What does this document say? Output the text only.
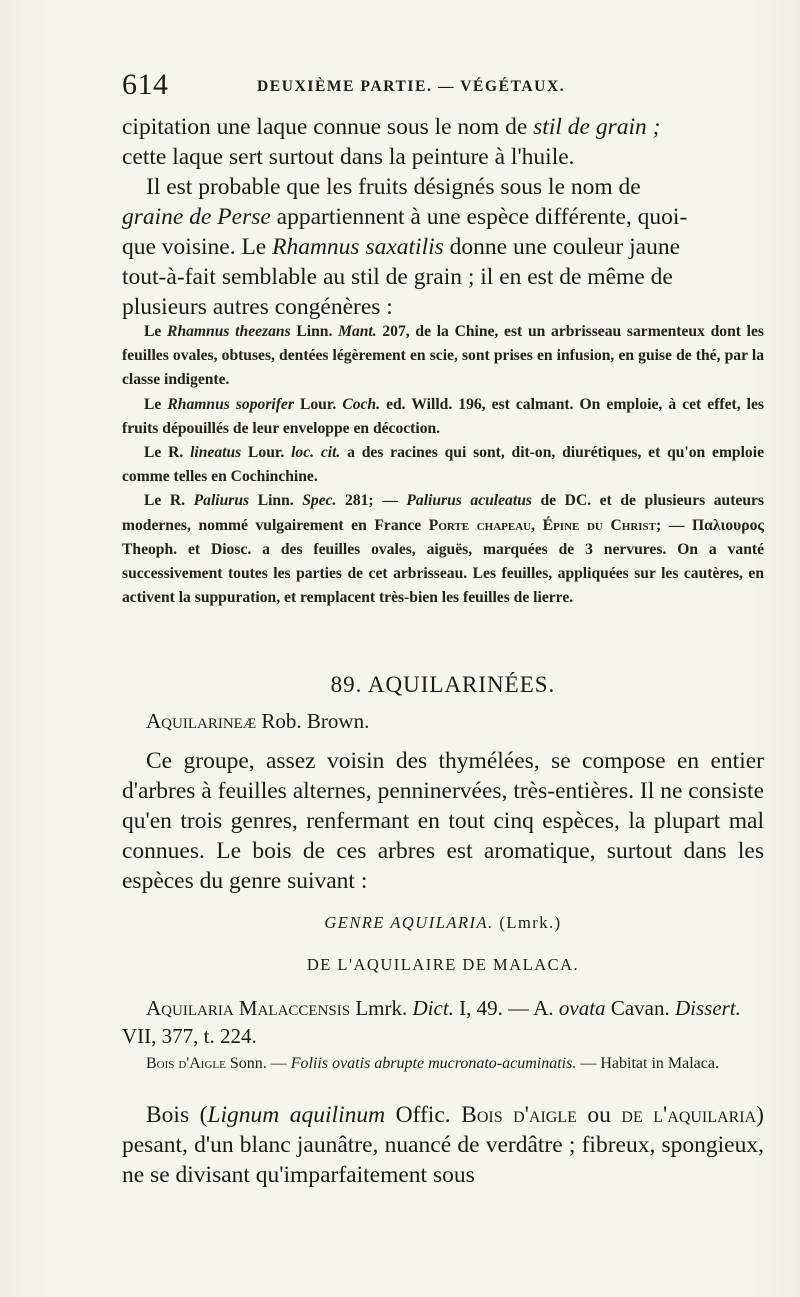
614	DEUXIÈME PARTIE. — VÉGÉTAUX.
cipitation une laque connue sous le nom de stil de grain ;
cette laque sert surtout dans la peinture à l'huile.
Il est probable que les fruits désignés sous le nom de
graine de Perse appartiennent à une espèce différente, quoi-
que voisine. Le Rhamnus saxatilis donne une couleur jaune
tout-à-fait semblable au stil de grain ; il en est de même de
plusieurs autres congénères :

Le Rhamnus theezans Linn. Mant. 207, de la Chine, est un arbrisseau sarmenteux dont les feuilles ovales, obtuses, dentées légèrement en scie, sont prises en infusion, en guise de thé, par la classe indigente.

Le Rhamnus soporifer Lour. Coch. ed. Willd. 196, est calmant. On emploie, à cet effet, les fruits dépouillés de leur enveloppe en décoction.

Le R. lineatus Lour. loc. cit. a des racines qui sont, dit-on, diurétiques, et qu'on emploie comme telles en Cochinchine.

Le R. Paliurus Linn. Spec. 281; — Paliurus aculeatus de DC. et de plusieurs auteurs modernes, nommé vulgairement en France Porte chapeau, Épine du Christ; — Παλιουρος Theoph. et Diosc. a des feuilles ovales, aiguës, marquées de 3 nervures. On a vanté successivement toutes les parties de cet arbrisseau. Les feuilles, appliquées sur les cautères, en activent la suppuration, et remplacent très-bien les feuilles de lierre.

89. AQUILARINÉES.
Aquilarineæ Rob. Brown.
Ce groupe, assez voisin des thymélées, se compose en entier d'arbres à feuilles alternes, penninervées, très-entières. Il ne consiste qu'en trois genres, renfermant en tout cinq espèces, la plupart mal connues. Le bois de ces arbres est aromatique, surtout dans les espèces du genre suivant :
GENRE AQUILARIA. (Lmrk.)
DE L'AQUILAIRE DE MALACA.
Aquilaria Malaccensis Lmrk. Dict. I, 49. — A. ovata Cavan. Dissert. VII, 377, t. 224.
Bois d'Aigle Sonn. — Foliis ovatis abrupte mucronato-acuminatis. — Habitat in Malaca.
Bois (Lignum aquilinum Offic. Bois d'aigle ou de l'aquilaria) pesant, d'un blanc jaunâtre, nuancé de verdâtre ; fibreux, spongieux, ne se divisant qu'imparfaitement sous
